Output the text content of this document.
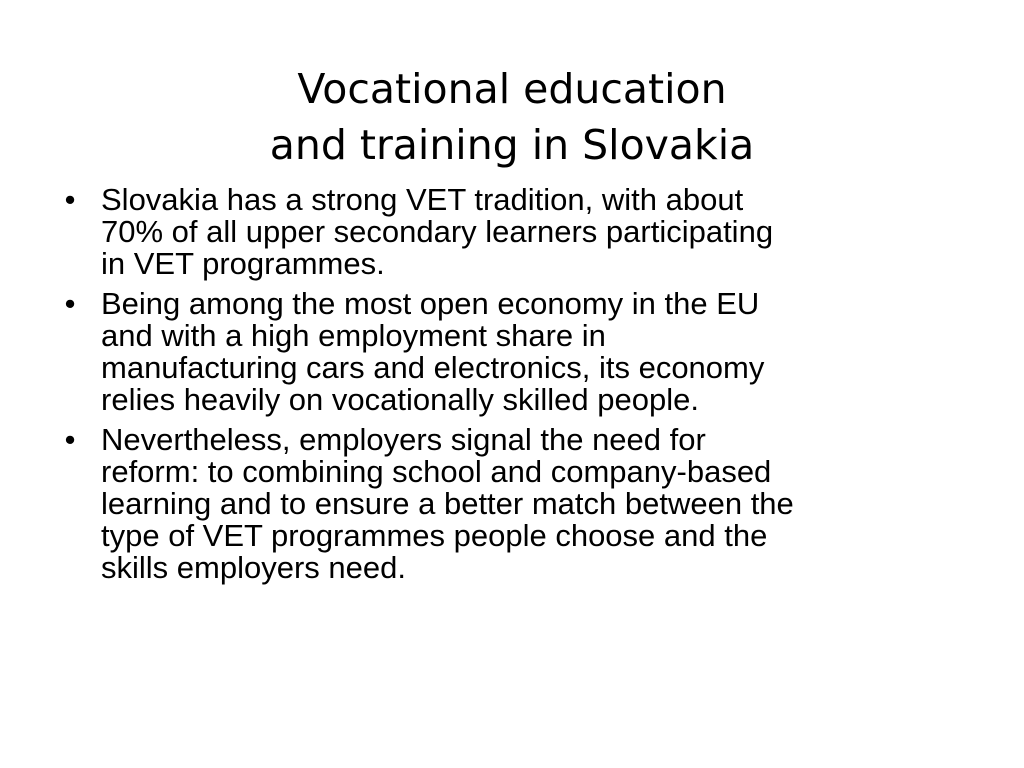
Vocational education
and training in Slovakia
• Slovakia has a strong VET tradition, with about
70% of all upper secondary learners participating
in VET programmes.
• Being among the most open economy in the EU
and with a high employment share in
manufacturing cars and electronics, its economy
relies heavily on vocationally skilled people.
• Nevertheless, employers signal the need for
reform: to combining school and company-based
learning and to ensure a better match between the
type of VET programmes people choose and the
skills employers need.
